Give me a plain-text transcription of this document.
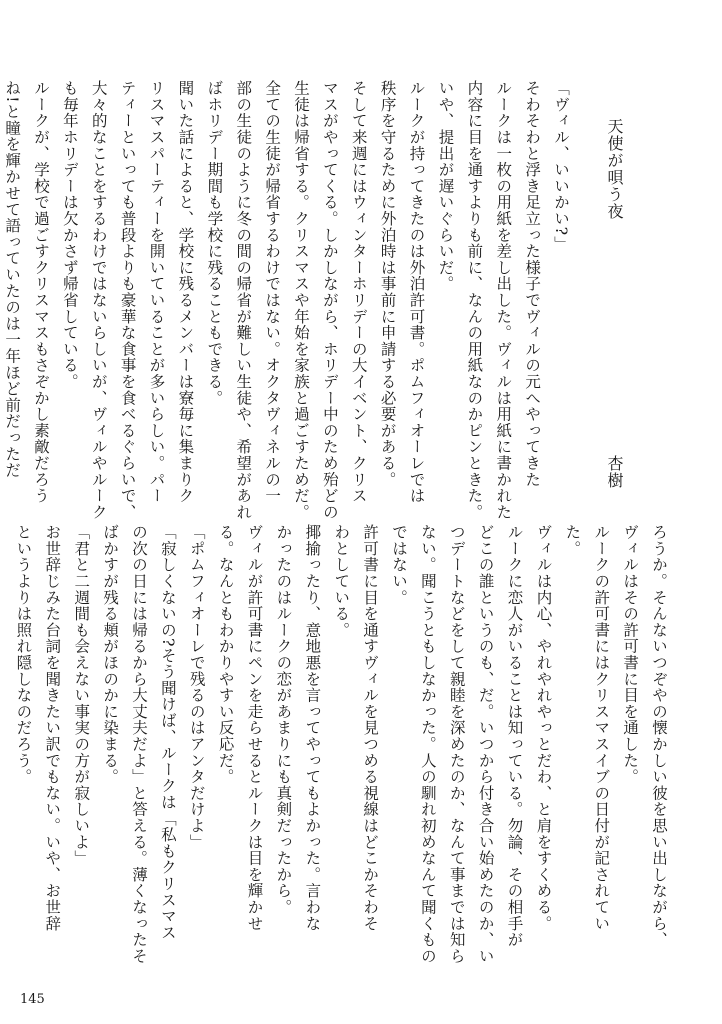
天使が唄う夜
杏樹
「ヴィル、いいかい?」
そわそわと浮き足立った様子でヴィルの元へやってきた
ルークは一枚の用紙を差し出した。ヴィルは用紙に書かれた
内容に目を通すよりも前に、なんの用紙なのかピンときた。
いや、提出が遅いぐらいだ。
ルークが持ってきたのは外泊許可書。ポムフィオーレでは
秩序を守るために外泊時は事前に申請する必要がある。
そして来週にはウィンターホリデーの大イベント、クリス
マスがやってくる。しかしながら、ホリデー中のため殆どの
生徒は帰省する。クリスマスや年始を家族と過ごすためだ。
全ての生徒が帰省するわけではない。オクタヴィネルの一
部の生徒のように冬の間の帰省が難しい生徒や、希望があれ
ばホリデー期間も学校に残ることもできる。
聞いた話によると、学校に残るメンバーは寮毎に集まりク
リスマスパーティーを開いていることが多いらしい。パー
ティーといっても普段よりも豪華な食事を食べるぐらいで、
大々的なことをするわけではないらしいが、ヴィルやルーク
も毎年ホリデーは欠かさず帰省している。
ルークが、学校で過ごすクリスマスもさぞかし素敵だろう
ね!と瞳を輝かせて語っていたのは一年ほど前だっただ
ろうか。そんないつぞやの懐かしい彼を思い出しながら、
ヴィルはその許可書に目を通した。
ルークの許可書にはクリスマスイブの日付が記されてい
た。
ヴィルは内心、やれやれやっとだわ、と肩をすくめる。
ルークに恋人がいることは知っている。勿論、その相手が
どこの誰というのも、だ。いつから付き合い始めたのか、い
つデートなどをして親睦を深めたのか、なんて事までは知ら
ない。聞こうともしなかった。人の馴れ初めなんて聞くもの
ではない。
許可書に目を通すヴィルを見つめる視線はどこかそわそ
わとしている。
揶揄ったり、意地悪を言ってやってもよかった。言わな
かったのはルークの恋があまりにも真剣だったから。
ヴィルが許可書にペンを走らせるとルークは目を輝かせ
る。なんともわかりやすい反応だ。
「ポムフィオーレで残るのはアンタだけよ」
「寂しくないの?そう聞けば、ルークは「私もクリスマス
の次の日には帰るから大丈夫だよ」と答える。薄くなったそ
ばかすが残る頬がほのかに染まる。
「君と二週間も会えない事実の方が寂しいよ」
お世辞じみた台詞を聞きたい訳でもない。いや、お世辞
というよりは照れ隠しなのだろう。
145
